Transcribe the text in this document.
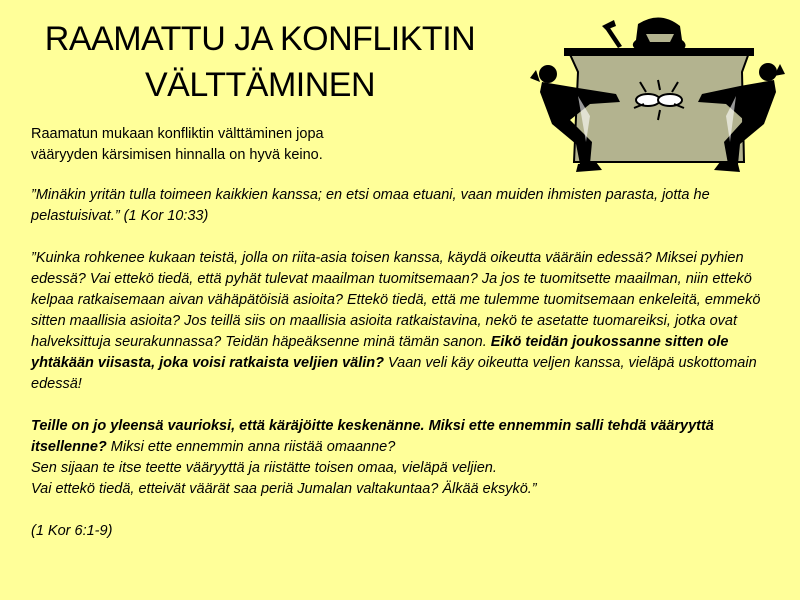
RAAMATTU JA KONFLIKTIN
VÄLTTÄMINEN
Raamatun mukaan konfliktin välttäminen jopa
vääryyden kärsimisen hinnalla on hyvä keino.

”Minäkin yritän tulla toimeen kaikkien kanssa; en etsi omaa etuani, vaan muiden ihmisten parasta, jotta he pelastuisivat.” (1 Kor 10:33)

”Kuinka rohkenee kukaan teistä, jolla on riita-asia toisen kanssa, käydä oikeutta vääräin edessä? Miksei pyhien edessä? Vai ettekö tiedä, että pyhät tulevat maailman tuomitsemaan? Ja jos te tuomitsette maailman, niin ettekö kelpaa ratkaisemaan aivan vähäpätöisiä asioita? Ettekö tiedä, että me tulemme tuomitsemaan enkeleitä, emmekö sitten maallisia asioita? Jos teillä siis on maallisia asioita ratkaistavina, nekö te asetatte tuomareiksi, jotka ovat halveksittuja seurakunnassa? Teidän häpeäksenne minä tämän sanon. Eikö teidän joukossanne sitten ole yhtäkään viisasta, joka voisi ratkaista veljien välin? Vaan veli käy oikeutta veljen kanssa, vieläpä uskottomain edessä!

Teille on jo yleensä vaurioksi, että käräjöitte keskenänne. Miksi ette ennemmin salli tehdä vääryyttä itsellenne? Miksi ette ennemmin anna riistää omaanne?

Sen sijaan te itse teette vääryyttä ja riistätte toisen omaa, vieläpä veljien.

Vai ettekö tiedä, etteivät väärät saa periä Jumalan valtakuntaa? Älkää eksykö.”

(1 Kor 6:1-9)
